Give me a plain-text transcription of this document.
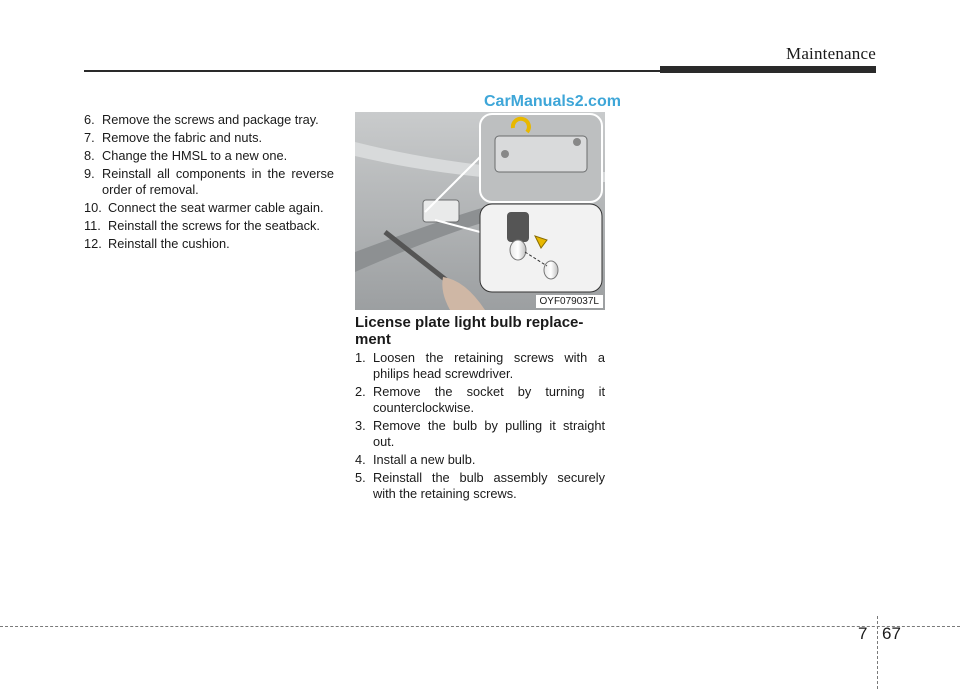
Maintenance
CarManuals2.com
6. Remove the screws and package tray.
7. Remove the fabric and nuts.
8. Change the HMSL to a new one.
9. Reinstall all components in the reverse order of removal.
10. Connect the seat warmer cable again.
11. Reinstall the screws for the seatback.
12. Reinstall the cushion.
OYF079037L
License plate light bulb replace- ment
1. Loosen the retaining screws with a philips head screwdriver.
2. Remove the socket by turning it counterclockwise.
3. Remove the bulb by pulling it straight out.
4. Install a new bulb.
5. Reinstall the bulb assembly securely with the retaining screws.
7 67
